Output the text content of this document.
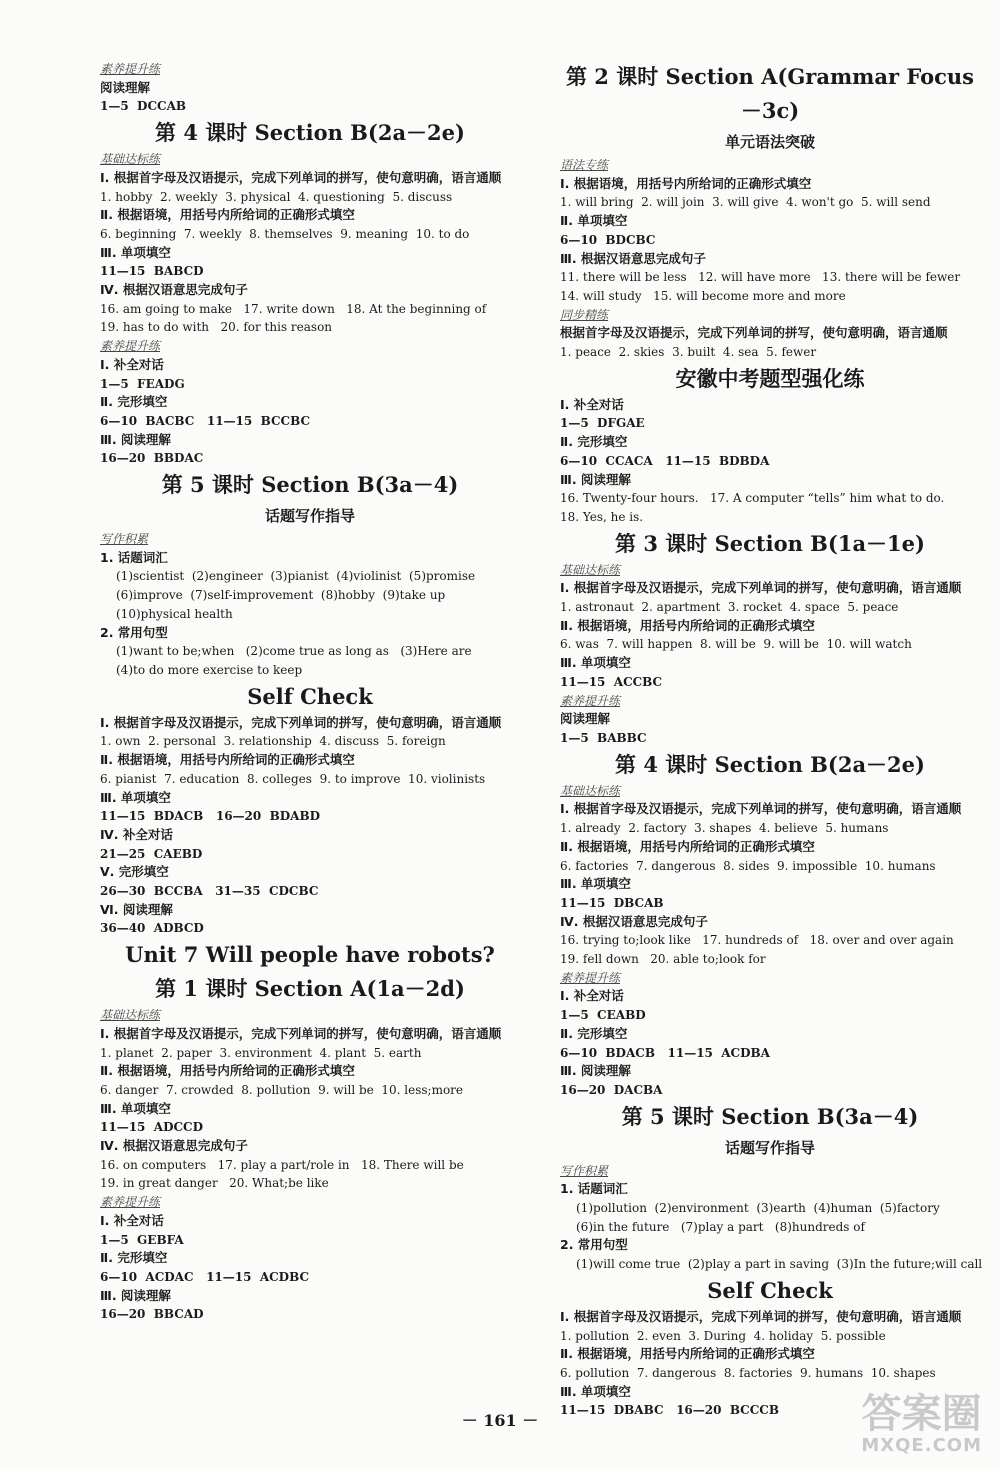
素养提升练
阅读理解
1—5  DCCAB
第 4 课时 Section B(2a－2e)
基础达标练
Ⅰ. 根据首字母及汉语提示，完成下列单词的拼写，使句意明确，语言通顺
1. hobby  2. weekly  3. physical  4. questioning  5. discuss
Ⅱ. 根据语境，用括号内所给词的正确形式填空
6. beginning  7. weekly  8. themselves  9. meaning  10. to do
Ⅲ. 单项填空
11—15  BABCD
Ⅳ. 根据汉语意思完成句子
16. am going to make   17. write down   18. At the beginning of
19. has to do with   20. for this reason
素养提升练
Ⅰ. 补全对话
1—5  FEADG
Ⅱ. 完形填空
6—10  BACBC   11—15  BCCBC
Ⅲ. 阅读理解
16—20  BBDAC
第 5 课时 Section B(3a－4)
话题写作指导
写作积累
1. 话题词汇
(1)scientist  (2)engineer  (3)pianist  (4)violinist  (5)promise
(6)improve  (7)self-improvement  (8)hobby  (9)take up
(10)physical health
2. 常用句型
(1)want to be;when   (2)come true as long as   (3)Here are
(4)to do more exercise to keep
Self Check
Ⅰ. 根据首字母及汉语提示，完成下列单词的拼写，使句意明确，语言通顺
1. own  2. personal  3. relationship  4. discuss  5. foreign
Ⅱ. 根据语境，用括号内所给词的正确形式填空
6. pianist  7. education  8. colleges  9. to improve  10. violinists
Ⅲ. 单项填空
11—15  BDACB   16—20  BDABD
Ⅳ. 补全对话
21—25  CAEBD
Ⅴ. 完形填空
26—30  BCCBA   31—35  CDCBC
Ⅵ. 阅读理解
36—40  ADBCD
Unit 7 Will people have robots?
第 1 课时 Section A(1a－2d)
基础达标练
Ⅰ. 根据首字母及汉语提示，完成下列单词的拼写，使句意明确，语言通顺
1. planet  2. paper  3. environment  4. plant  5. earth
Ⅱ. 根据语境，用括号内所给词的正确形式填空
6. danger  7. crowded  8. pollution  9. will be  10. less;more
Ⅲ. 单项填空
11—15  ADCCD
Ⅳ. 根据汉语意思完成句子
16. on computers   17. play a part/role in   18. There will be
19. in great danger   20. What;be like
素养提升练
Ⅰ. 补全对话
1—5  GEBFA
Ⅱ. 完形填空
6—10  ACDAC   11—15  ACDBC
Ⅲ. 阅读理解
16—20  BBCAD
第 2 课时 Section A(Grammar Focus－3c)
单元语法突破
语法专练
Ⅰ. 根据语境，用括号内所给词的正确形式填空
1. will bring  2. will join  3. will give  4. won't go  5. will send
Ⅱ. 单项填空
6—10  BDCBC
Ⅲ. 根据汉语意思完成句子
11. there will be less   12. will have more   13. there will be fewer
14. will study   15. will become more and more
同步精练
根据首字母及汉语提示，完成下列单词的拼写，使句意明确，语言通顺
1. peace  2. skies  3. built  4. sea  5. fewer
安徽中考题型强化练
Ⅰ. 补全对话
1—5  DFGAE
Ⅱ. 完形填空
6—10  CCACA   11—15  BDBDA
Ⅲ. 阅读理解
16. Twenty-four hours.   17. A computer “tells” him what to do.
18. Yes, he is.
第 3 课时 Section B(1a－1e)
基础达标练
Ⅰ. 根据首字母及汉语提示，完成下列单词的拼写，使句意明确，语言通顺
1. astronaut  2. apartment  3. rocket  4. space  5. peace
Ⅱ. 根据语境，用括号内所给词的正确形式填空
6. was  7. will happen  8. will be  9. will be  10. will watch
Ⅲ. 单项填空
11—15  ACCBC
素养提升练
阅读理解
1—5  BABBC
第 4 课时 Section B(2a－2e)
基础达标练
Ⅰ. 根据首字母及汉语提示，完成下列单词的拼写，使句意明确，语言通顺
1. already  2. factory  3. shapes  4. believe  5. humans
Ⅱ. 根据语境，用括号内所给词的正确形式填空
6. factories  7. dangerous  8. sides  9. impossible  10. humans
Ⅲ. 单项填空
11—15  DBCAB
Ⅳ. 根据汉语意思完成句子
16. trying to;look like   17. hundreds of   18. over and over again
19. fell down   20. able to;look for
素养提升练
Ⅰ. 补全对话
1—5  CEABD
Ⅱ. 完形填空
6—10  BDACB   11—15  ACDBA
Ⅲ. 阅读理解
16—20  DACBA
第 5 课时 Section B(3a－4)
话题写作指导
写作积累
1. 话题词汇
(1)pollution  (2)environment  (3)earth  (4)human  (5)factory
(6)in the future   (7)play a part   (8)hundreds of
2. 常用句型
(1)will come true  (2)play a part in saving  (3)In the future;will call
Self Check
Ⅰ. 根据首字母及汉语提示，完成下列单词的拼写，使句意明确，语言通顺
1. pollution  2. even  3. During  4. holiday  5. possible
Ⅱ. 根据语境，用括号内所给词的正确形式填空
6. pollution  7. dangerous  8. factories  9. humans  10. shapes
Ⅲ. 单项填空
11—15  DBABC   16—20  BCCCB
－ 161 －	答案圈
MXQE.COM
